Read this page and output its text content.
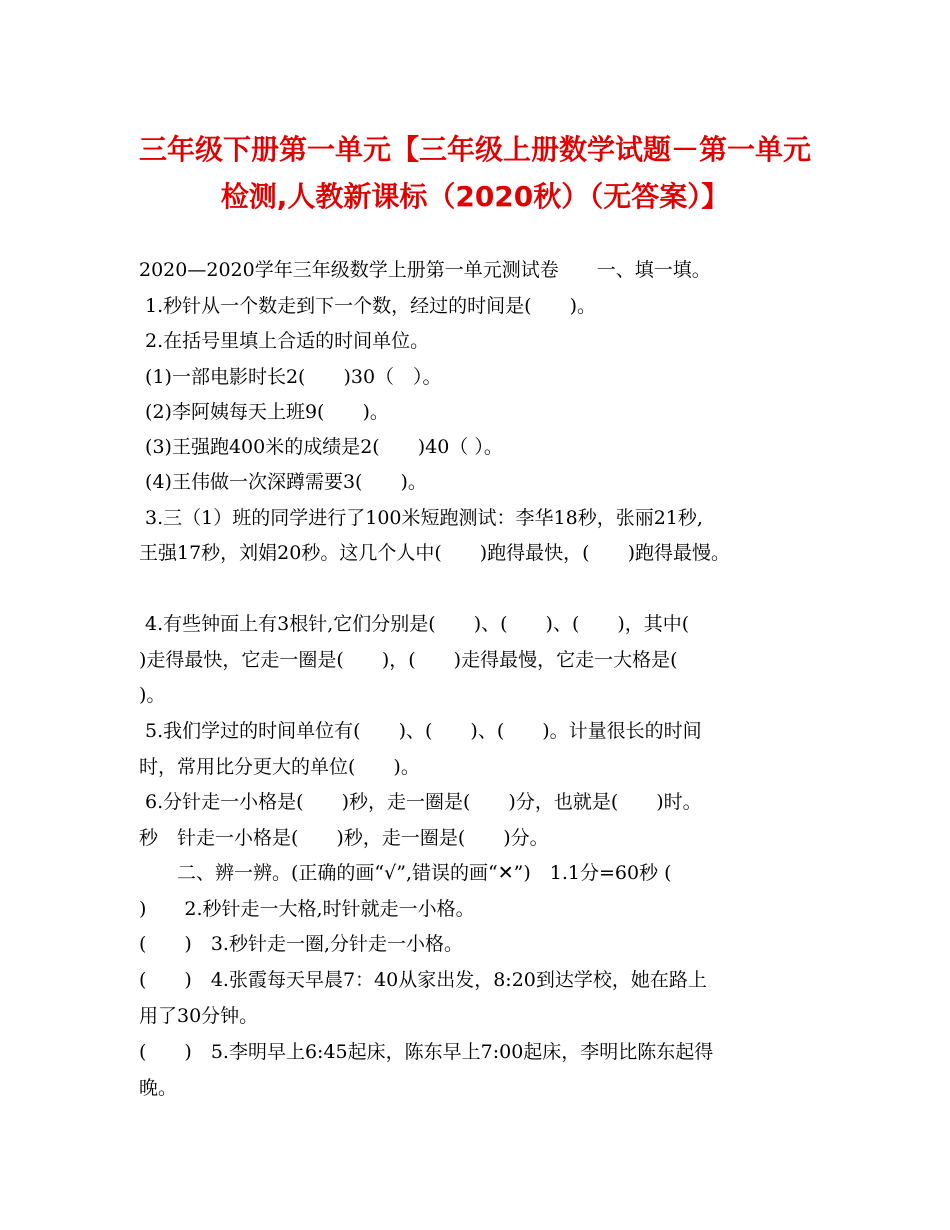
三年级下册第一单元【三年级上册数学试题－第一单元
检测,人教新课标（2020秋）（无答案）】
2020—2020学年三年级数学上册第一单元测试卷　　一、填一填。
1.秒针从一个数走到下一个数，经过的时间是(　　)。
2.在括号里填上合适的时间单位。
(1)一部电影时长2(　　)30（　）。
(2)李阿姨每天上班9(　　)。
(3)王强跑400米的成绩是2(　　)40（ ）。
(4)王伟做一次深蹲需要3(　　)。
3.三（1）班的同学进行了100米短跑测试：李华18秒，张丽21秒,
王强17秒，刘娟20秒。这几个人中(　　)跑得最快，(　　)跑得最慢。
4.有些钟面上有3根针,它们分别是(　　)、(　　)、(　　)，其中(
)走得最快，它走一圈是(　　)，(　　)走得最慢，它走一大格是(
)。
5.我们学过的时间单位有(　　)、(　　)、(　　)。计量很长的时间
时，常用比分更大的单位(　　)。
6.分针走一小格是(　　)秒，走一圈是(　　)分，也就是(　　)时。
秒　针走一小格是(　　)秒，走一圈是(　　)分。
　　二、辨一辨。(正确的画“√”,错误的画“✕”)　1.1分=60秒 (
)　　2.秒针走一大格,时针就走一小格。
(　　)　3.秒针走一圈,分针走一小格。
(　　)　4.张霞每天早晨7：40从家出发，8:20到达学校，她在路上
用了30分钟。
(　　)　5.李明早上6:45起床，陈东早上7:00起床，李明比陈东起得
晚。
